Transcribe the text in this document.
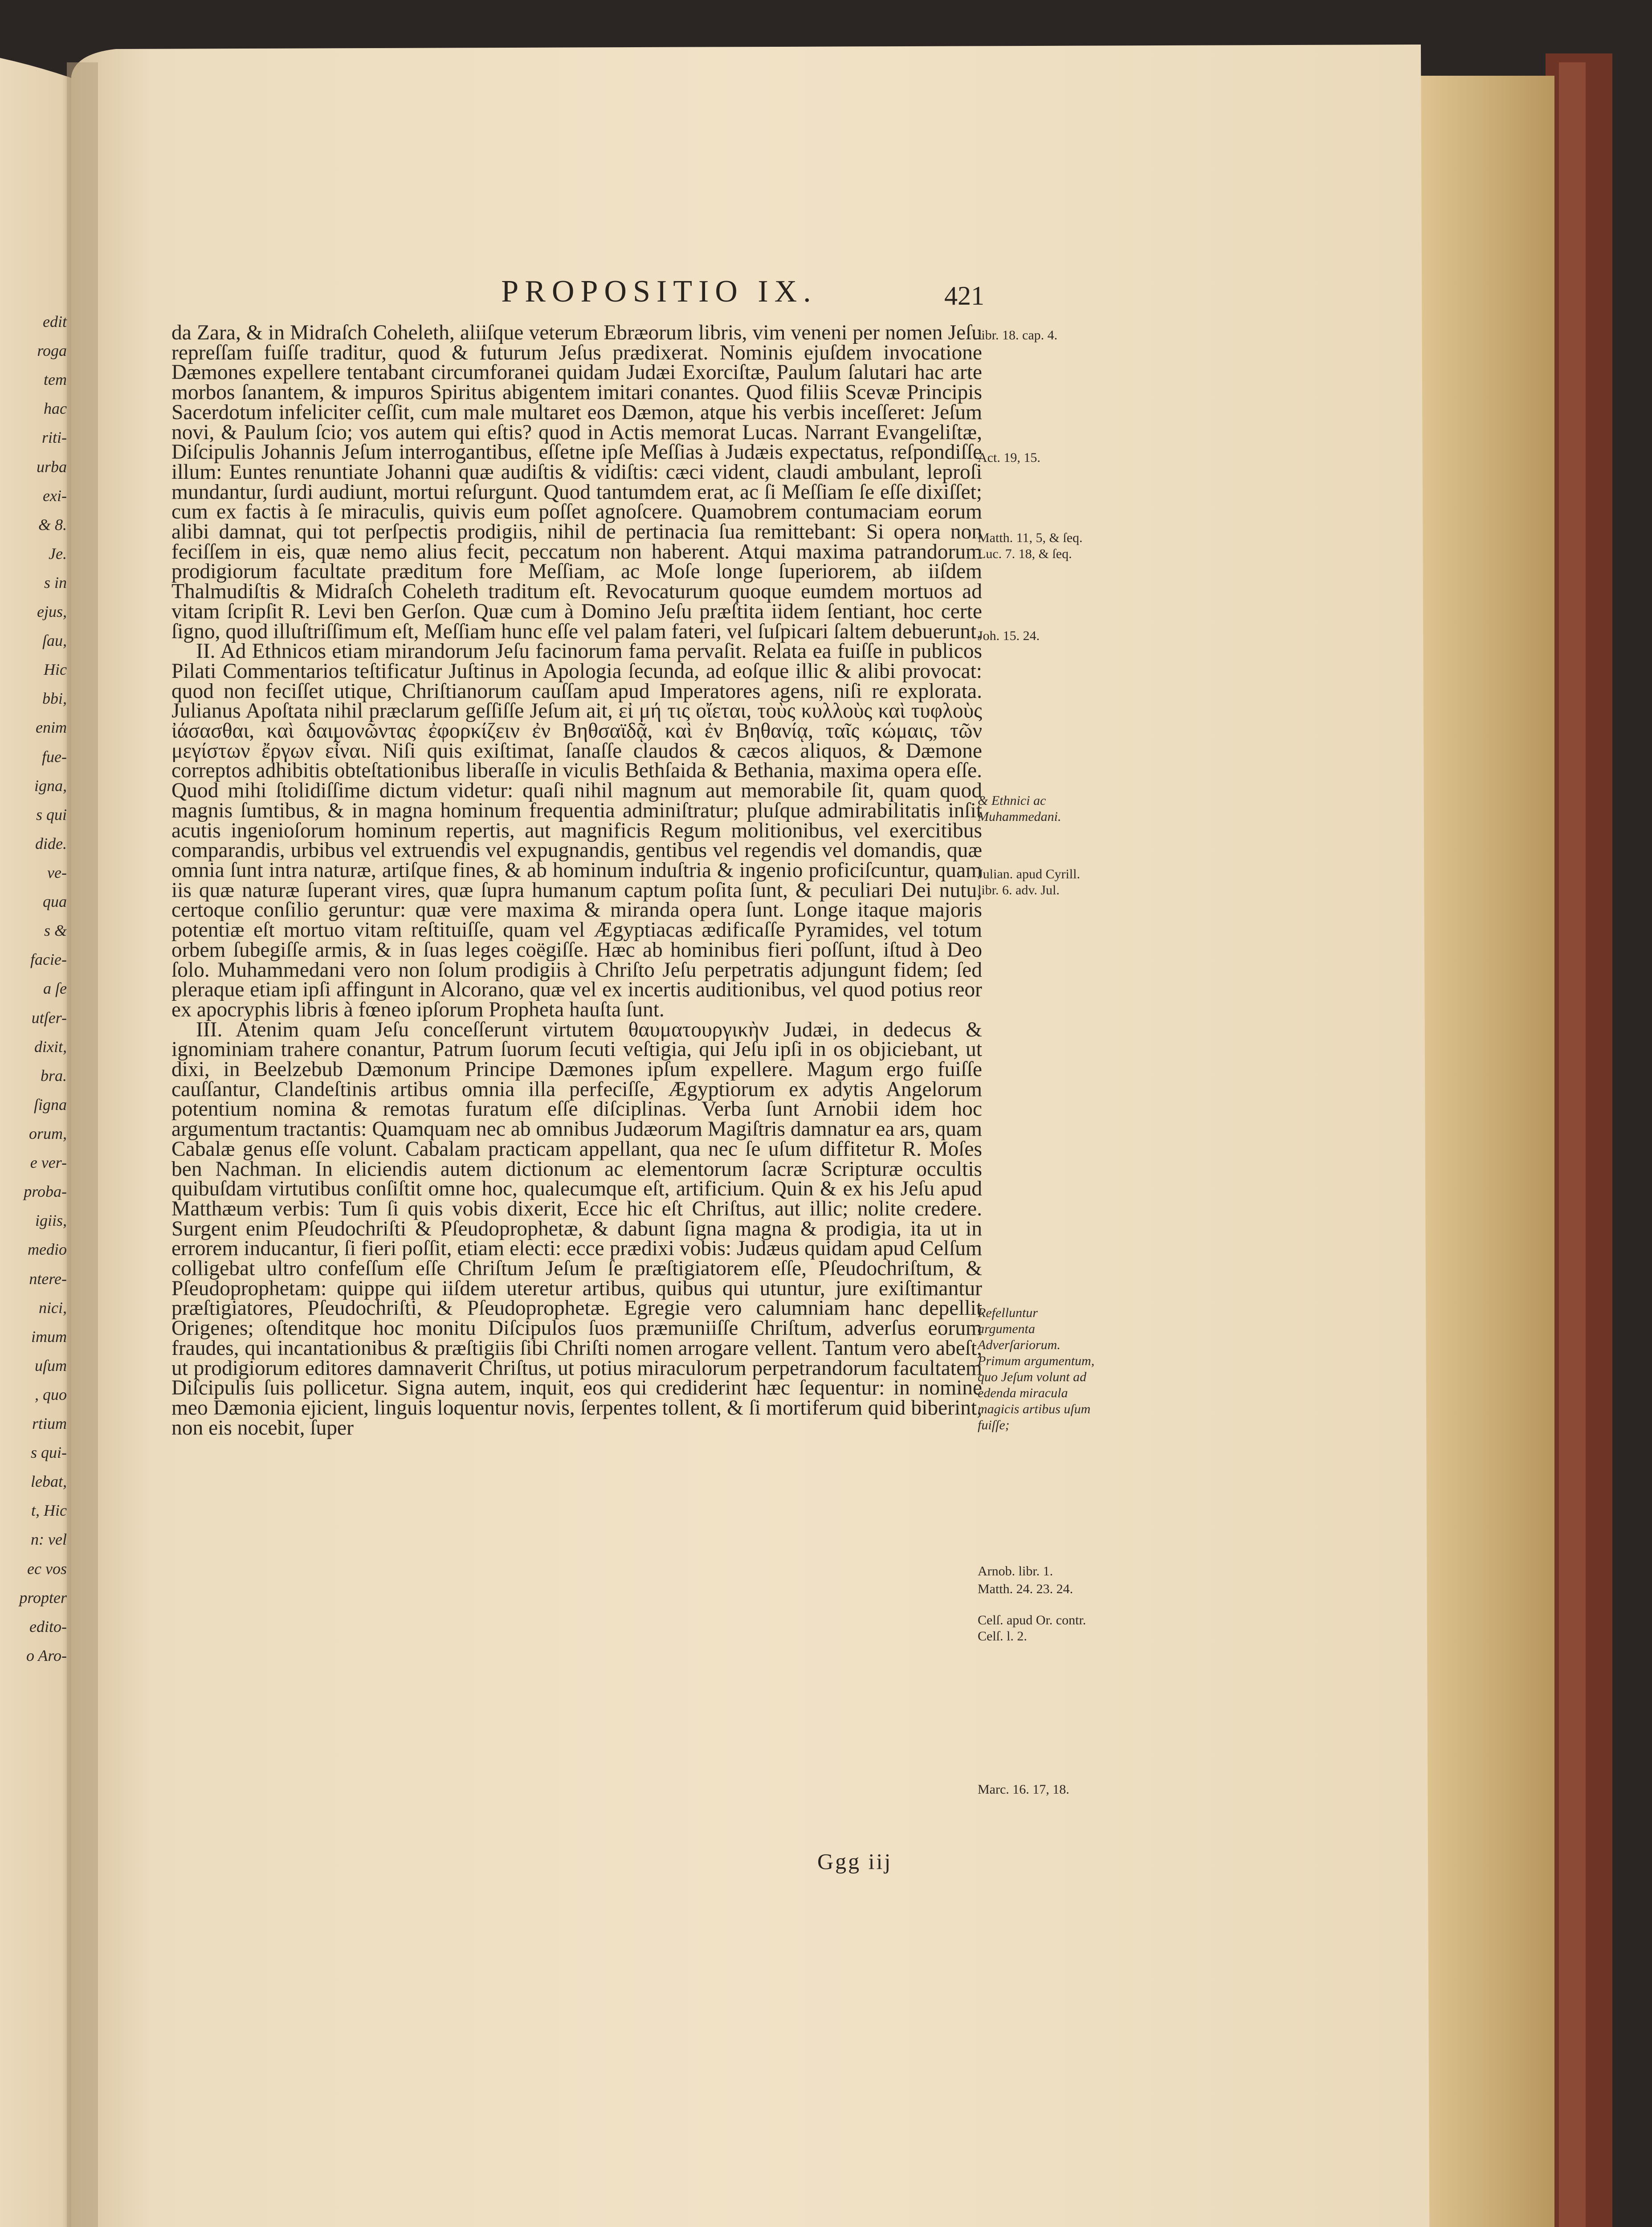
PROPOSITIO IX.	421

da Zara, & in Midraſch Coheleth, aliiſque veterum Ebræorum libris, vim veneni per nomen Jeſu repreſſam fuiſſe traditur, quod & futurum Jeſus prædixerat. Nominis ejuſdem invocatione Dæmones expellere tentabant circumforanei quidam Judæi Exorciſtæ, Paulum ſalutari hac arte morbos ſanantem, & impuros Spiritus abigentem imitari conantes. Quod filiis Scevæ Principis Sacerdotum infeliciter ceſſit, cum male multaret eos Dæmon, atque his verbis inceſſeret: Jeſum novi, & Paulum ſcio; vos autem qui eſtis? quod in Actis memorat Lucas. Narrant Evangeliſtæ, Diſcipulis Johannis Jeſum interrogantibus, eſſetne ipſe Meſſias à Judæis expectatus, reſpondiſſe illum: Euntes renuntiate Johanni quæ audiſtis & vidiſtis: cæci vident, claudi ambulant, leproſi mundantur, ſurdi audiunt, mortui reſurgunt. Quod tantumdem erat, ac ſi Meſſiam ſe eſſe dixiſſet; cum ex factis à ſe miraculis, quivis eum poſſet agnoſcere. Quamobrem contumaciam eorum alibi damnat, qui tot perſpectis prodigiis, nihil de pertinacia ſua remittebant: Si opera non feciſſem in eis, quæ nemo alius fecit, peccatum non haberent. Atqui maxima patrandorum prodigiorum facultate præditum fore Meſſiam, ac Moſe longe ſuperiorem, ab iiſdem Thalmudiſtis & Midraſch Coheleth traditum eſt. Revocaturum quoque eumdem mortuos ad vitam ſcripſit R. Levi ben Gerſon. Quæ cum à Domino Jeſu præſtita iidem ſentiant, hoc certe ſigno, quod illuſtriſſimum eſt, Meſſiam hunc eſſe vel palam fateri, vel ſuſpicari ſaltem debuerunt.

II. Ad Ethnicos etiam mirandorum Jeſu facinorum fama pervaſit. Relata ea fuiſſe in publicos Pilati Commentarios teſtificatur Juſtinus in Apologia ſecunda, ad eoſque illic & alibi provocat: quod non feciſſet utique, Chriſtianorum cauſſam apud Imperatores agens, niſi re explorata. Julianus Apoſtata nihil præclarum geſſiſſe Jeſum ait, εἰ μή τις οἴεται, τοὺς κυλλοὺς καὶ τυφλοὺς ἰάσασθαι, καὶ δαιμονῶντας ἐφορκίζειν ἐν Βηθσαϊδᾷ, καὶ ἐν Βηθανίᾳ, ταῖς κώμαις, τῶν μεγίστων ἔργων εἶναι. Niſi quis exiſtimat, ſanaſſe claudos & cæcos aliquos, & Dæmone correptos adhibitis obteſtationibus liberaſſe in viculis Bethſaida & Bethania, maxima opera eſſe. Quod mihi ſtolidiſſime dictum videtur: quaſi nihil magnum aut memorabile ſit, quam quod magnis ſumtibus, & in magna hominum frequentia adminiſtratur; pluſque admirabilitatis inſit acutis ingenioſorum hominum repertis, aut magnificis Regum molitionibus, vel exercitibus comparandis, urbibus vel extruendis vel expugnandis, gentibus vel regendis vel domandis, quæ omnia ſunt intra naturæ, artiſque fines, & ab hominum induſtria & ingenio proficiſcuntur, quam iis quæ naturæ ſuperant vires, quæ ſupra humanum captum poſita ſunt, & peculiari Dei nutu, certoque conſilio geruntur: quæ vere maxima & miranda opera ſunt. Longe itaque majoris potentiæ eſt mortuo vitam reſtituiſſe, quam vel Ægyptiacas ædificaſſe Pyramides, vel totum orbem ſubegiſſe armis, & in ſuas leges coëgiſſe. Hæc ab hominibus fieri poſſunt, iſtud à Deo ſolo. Muhammedani vero non ſolum prodigiis à Chriſto Jeſu perpetratis adjungunt fidem; ſed pleraque etiam ipſi affingunt in Alcorano, quæ vel ex incertis auditionibus, vel quod potius reor ex apocryphis libris à fœneo ipſorum Propheta hauſta ſunt.

III. Atenim quam Jeſu conceſſerunt virtutem θαυματουργικὴν Judæi, in dedecus & ignominiam trahere conantur, Patrum ſuorum ſecuti veſtigia, qui Jeſu ipſi in os objiciebant, ut dixi, in Beelzebub Dæmonum Principe Dæmones ipſum expellere. Magum ergo fuiſſe cauſſantur, Clandeſtinis artibus omnia illa perfeciſſe, Ægyptiorum ex adytis Angelorum potentium nomina & remotas furatum eſſe diſciplinas. Verba ſunt Arnobii idem hoc argumentum tractantis: Quamquam nec ab omnibus Judæorum Magiſtris damnatur ea ars, quam Cabalæ genus eſſe volunt. Cabalam practicam appellant, qua nec ſe uſum diffitetur R. Moſes ben Nachman. In eliciendis autem dictionum ac elementorum ſacræ Scripturæ occultis quibuſdam virtutibus conſiſtit omne hoc, qualecumque eſt, artificium. Quin & ex his Jeſu apud Matthæum verbis: Tum ſi quis vobis dixerit, Ecce hic eſt Chriſtus, aut illic; nolite credere. Surgent enim Pſeudochriſti & Pſeudoprophetæ, & dabunt ſigna magna & prodigia, ita ut in errorem inducantur, ſi fieri poſſit, etiam electi: ecce prædixi vobis: Judæus quidam apud Celſum colligebat ultro confeſſum eſſe Chriſtum Jeſum ſe præſtigiatorem eſſe, Pſeudochriſtum, & Pſeudoprophetam: quippe qui iiſdem uteretur artibus, quibus qui utuntur, jure exiſtimantur præſtigiatores, Pſeudochriſti, & Pſeudoprophetæ. Egregie vero calumniam hanc depellit Origenes; oſtenditque hoc monitu Diſcipulos ſuos præmuniiſſe Chriſtum, adverſus eorum fraudes, qui incantationibus & præſtigiis ſibi Chriſti nomen arrogare vellent. Tantum vero abeſt, ut prodigiorum editores damnaverit Chriſtus, ut potius miraculorum perpetrandorum facultatem Diſcipulis ſuis pollicetur. Signa autem, inquit, eos qui crediderint hæc ſequentur: in nomine meo Dæmonia ejicient, linguis loquentur novis, ſerpentes tollent, & ſi mortiferum quid biberint, non eis nocebit, ſuper

libr. 18. cap. 4.
Act. 19, 15.
Matth. 11, 5, & ſeq. Luc. 7. 18, & ſeq.
Joh. 15. 24.
& Ethnici ac Muhammedani.
Julian. apud Cyrill. libr. 6. adv. Jul.
Refelluntur argumenta Adverſariorum. Primum argumentum, quo Jeſum volunt ad edenda miracula magicis artibus uſum fuiſſe;
Arnob. libr. 1.
Matth. 24. 23. 24.
Celſ. apud Or. contr. Celſ. l. 2.
Marc. 16. 17, 18.
Ggg iij
edit
roga
tem
hac
riti-
urba
exi-
& 8.
Je.
s in
ejus,
ſau,
Hic
bbi,
enim
fue-
igna,
s qui
dide.
ve-
qua
s &
facie-
a ſe
utſer-
dixit,
bra.
ſigna
orum,
e ver-
proba-
igiis,
medio
ntere-
nici,
imum
uſum
, quo
rtium
s qui-
lebat,
t, Hic
n: vel
ec vos
propter
edito-
o Aro-
